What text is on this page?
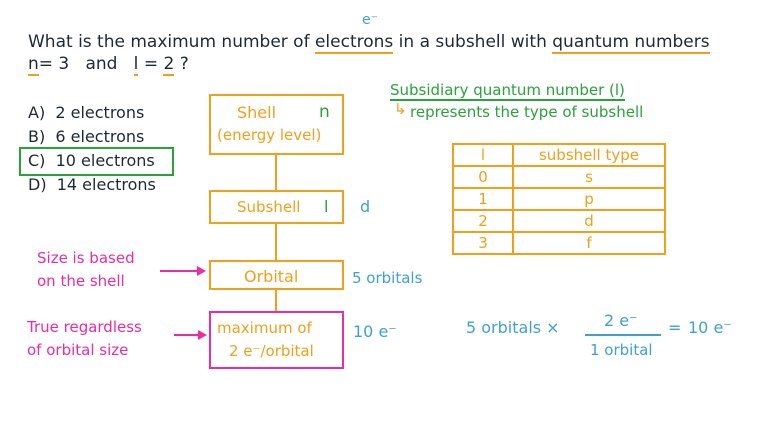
e⁻
What is the maximum number of electrons in a subshell with quantum numbers
n= 3 and l = 2 ?
A) 2 electrons
B) 6 electrons
C) 10 electrons
D) 14 electrons
Shell	n
(energy level)
Subshell l d
Orbital	5 orbitals
maximum of
2 e⁻/orbital
10 e⁻
Size is based
on the shell
True regardless
of orbital size
Subsidiary quantum number (l)
↳ represents the type of subshell
l	subshell type
0	s
1	p
2	d
3	f
5 orbitals ×	2 e⁻
1 orbital
= 10 e⁻
